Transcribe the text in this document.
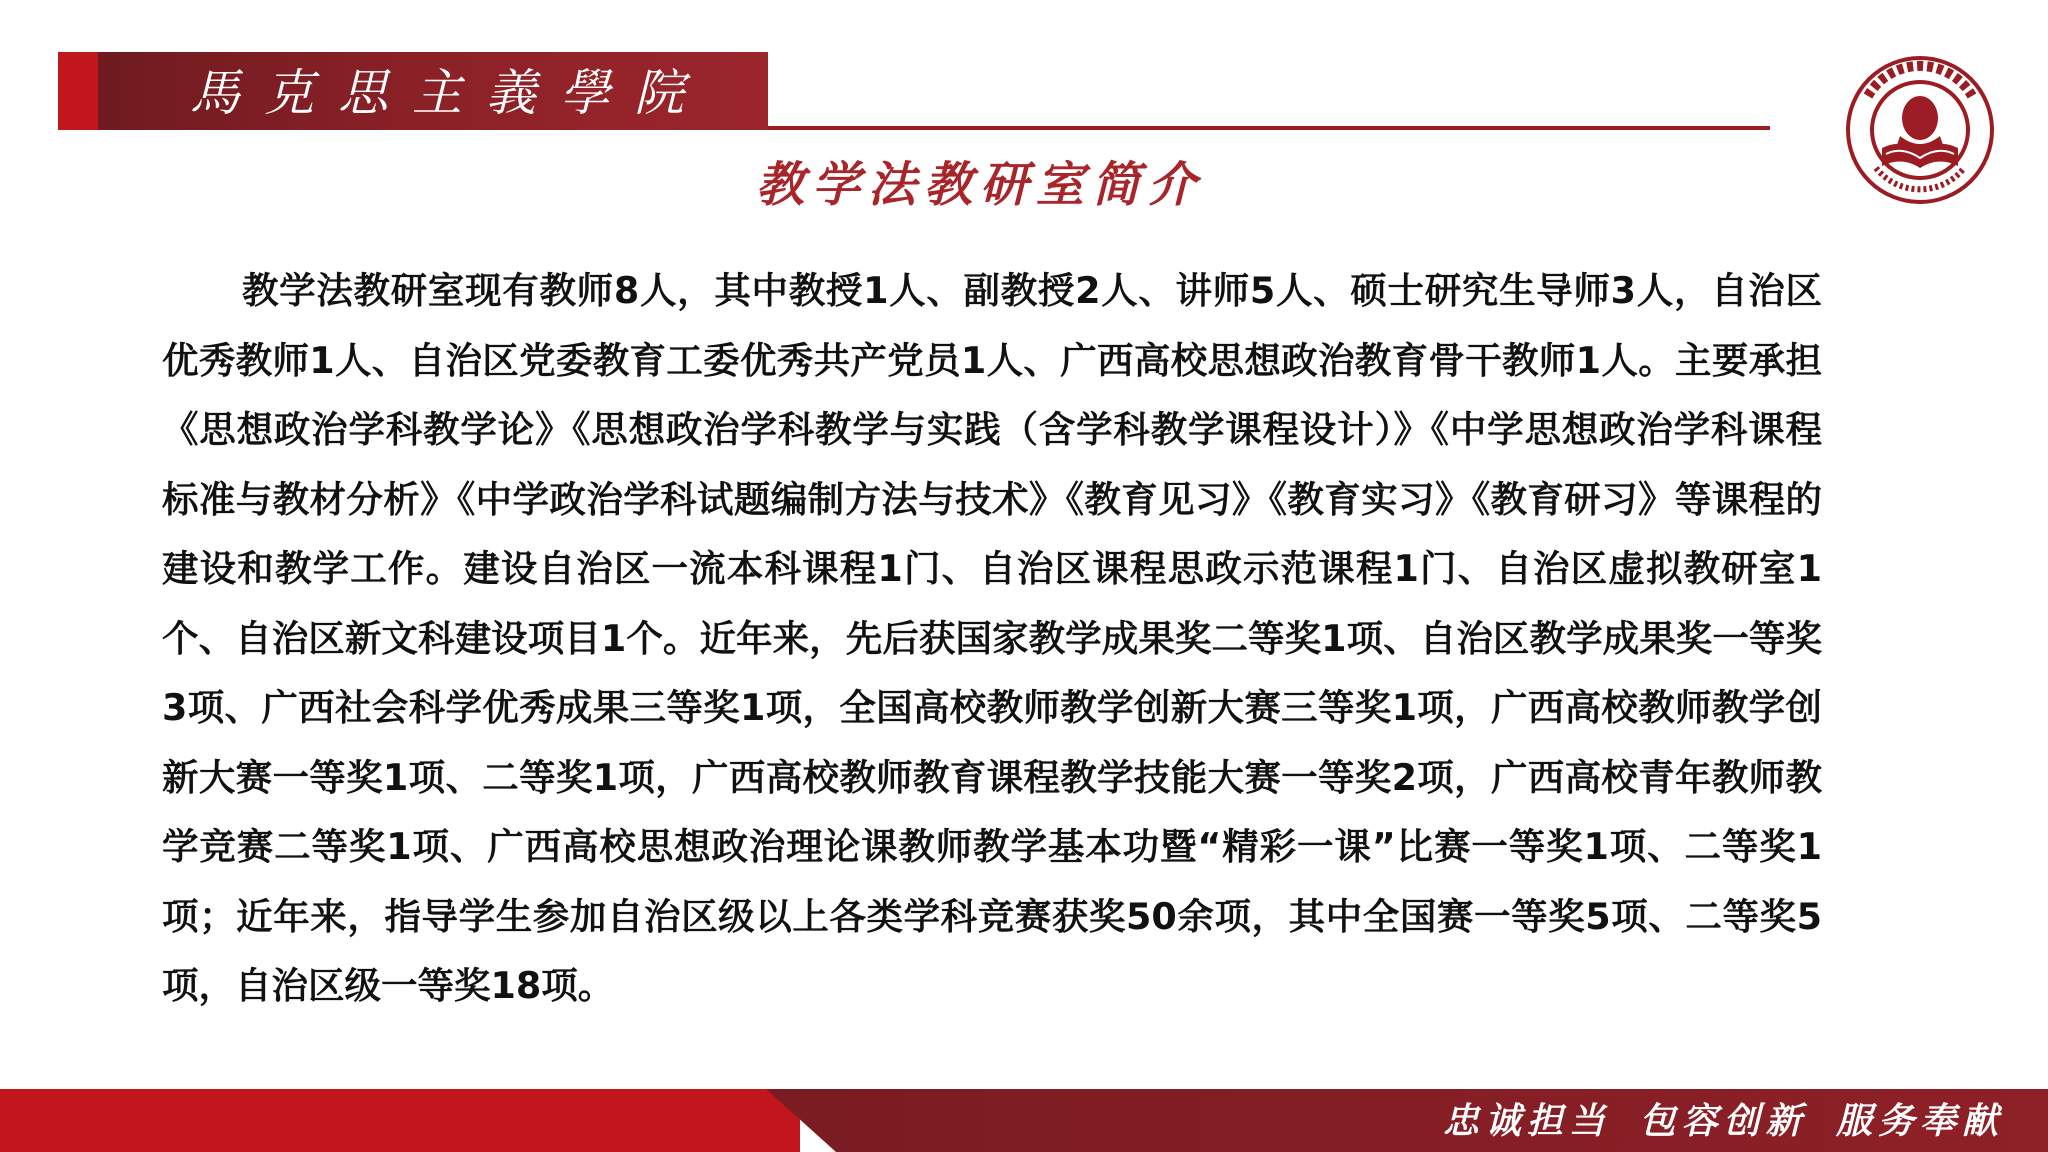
馬克思主義學院
教学法教研室简介

教学法教研室现有教师8人，其中教授1人、副教授2人、讲师5人、硕士研究生导师3人，自治区优秀教师1人、自治区党委教育工委优秀共产党员1人、广西高校思想政治教育骨干教师1人。主要承担《思想政治学科教学论》《思想政治学科教学与实践（含学科教学课程设计）》《中学思想政治学科课程标准与教材分析》《中学政治学科试题编制方法与技术》《教育见习》《教育实习》《教育研习》等课程的建设和教学工作。建设自治区一流本科课程1门、自治区课程思政示范课程1门、自治区虚拟教研室1个、自治区新文科建设项目1个。近年来，先后获国家教学成果奖二等奖1项、自治区教学成果奖一等奖3项、广西社会科学优秀成果三等奖1项，全国高校教师教学创新大赛三等奖1项，广西高校教师教学创新大赛一等奖1项、二等奖1项，广西高校教师教育课程教学技能大赛一等奖2项，广西高校青年教师教学竞赛二等奖1项、广西高校思想政治理论课教师教学基本功暨“精彩一课”比赛一等奖1项、二等奖1项；近年来，指导学生参加自治区级以上各类学科竞赛获奖50余项，其中全国赛一等奖5项、二等奖5项，自治区级一等奖18项。

忠诚担当 包容创新 服务奉献
